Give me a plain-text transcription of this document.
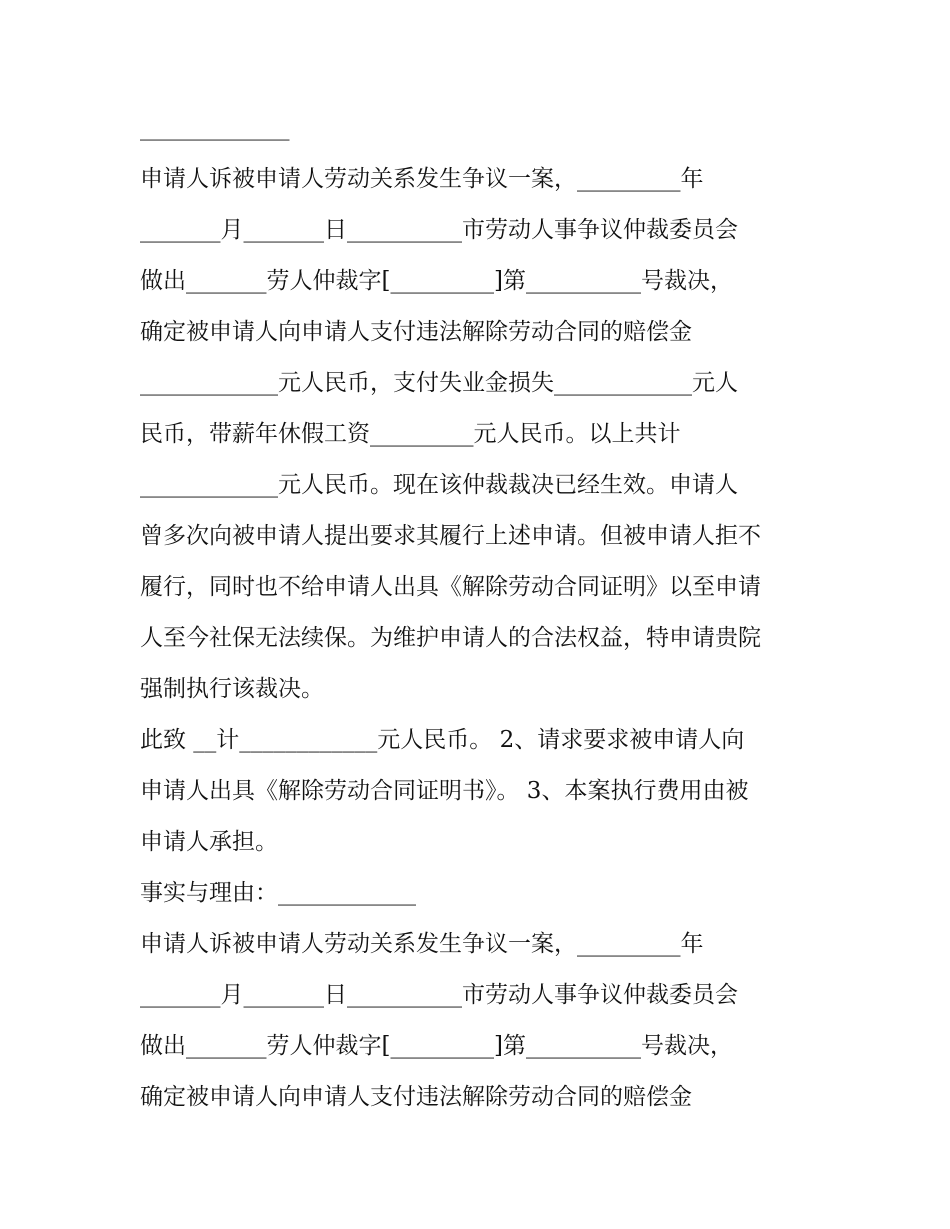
_____________
申请人诉被申请人劳动关系发生争议一案，_________年
_______月_______日__________市劳动人事争议仲裁委员会
做出_______劳人仲裁字[_________]第__________号裁决，
确定被申请人向申请人支付违法解除劳动合同的赔偿金
____________元人民币，支付失业金损失____________元人
民币，带薪年休假工资_________元人民币。以上共计
____________元人民币。现在该仲裁裁决已经生效。申请人
曾多次向被申请人提出要求其履行上述申请。但被申请人拒不
履行，同时也不给申请人出具《解除劳动合同证明》以至申请
人至今社保无法续保。为维护申请人的合法权益，特申请贵院
强制执行该裁决。
此致 __计____________元人民币。 2、请求要求被申请人向
申请人出具《解除劳动合同证明书》。 3、本案执行费用由被
申请人承担。
事实与理由：____________
申请人诉被申请人劳动关系发生争议一案，_________年
_______月_______日__________市劳动人事争议仲裁委员会
做出_______劳人仲裁字[_________]第__________号裁决，
确定被申请人向申请人支付违法解除劳动合同的赔偿金
